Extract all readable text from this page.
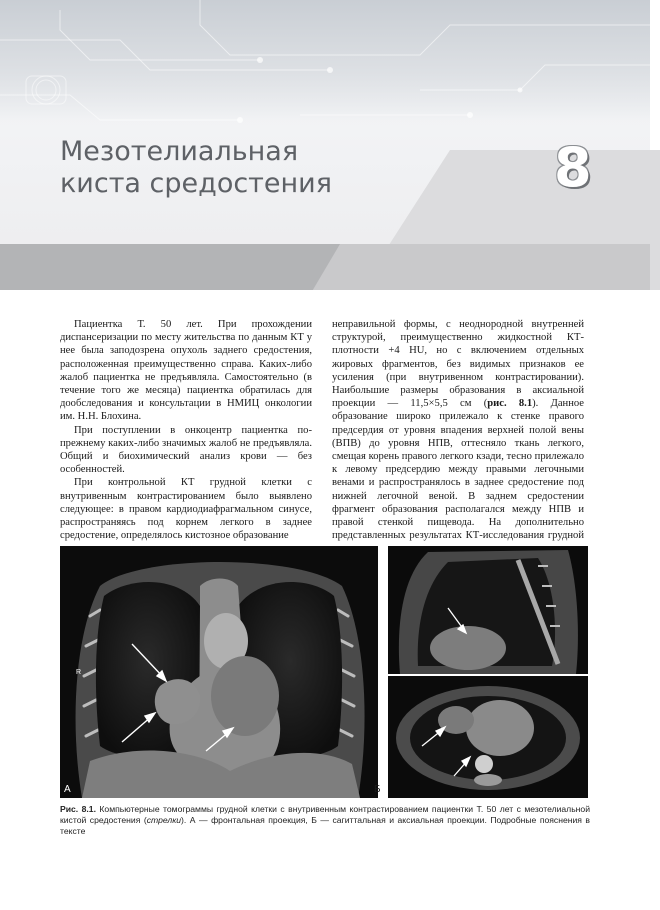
Мезотелиальная
киста средостения	8

Пациентка Т. 50 лет. При прохождении диспансеризации по месту жительства по данным КТ у нее была заподозрена опухоль заднего средостения, расположенная преимущественно справа. Каких-либо жалоб пациентка не предъявляла. Самостоятельно (в течение того же месяца) пациентка обратилась для дообследования и консультации в НМИЦ онкологии им. Н.Н. Блохина.

При поступлении в онкоцентр пациентка по-прежнему каких-либо значимых жалоб не предъявляла. Общий и биохимический анализ крови — без особенностей.

При контрольной КТ грудной клетки с внутривенным контрастированием было выявлено следующее: в правом кардиодиафрагмальном синусе, распространяясь под корнем легкого в заднее средостение, определялось кистозное образование

неправильной формы, с неоднородной внутренней структурой, преимущественно жидкостной КТ-плотности +4 HU, но с включением отдельных жировых фрагментов, без видимых признаков ее усиления (при внутривенном контрастировании). Наибольшие размеры образования в аксиальной проекции — 11,5×5,5 см (рис. 8.1). Данное образование широко прилежало к стенке правого предсердия от уровня впадения верхней полой вены (ВПВ) до уровня НПВ, оттесняло ткань легкого, смещая корень правого легкого кзади, тесно прилежало к левому предсердию между правыми легочными венами и распространялось в заднее средостение под нижней легочной веной. В заднем средостении фрагмент образования располагался между НПВ и правой стенкой пищевода. На дополнительно представленных результатах КТ-исследования грудной

R
А	Б
Рис. 8.1. Компьютерные томограммы грудной клетки с внутривенным контрастированием пациентки Т. 50 лет с мезотелиальной кистой средостения (стрелки). А — фронтальная проекция, Б — сагиттальная и аксиальная проекции. Подробные пояснения в тексте
